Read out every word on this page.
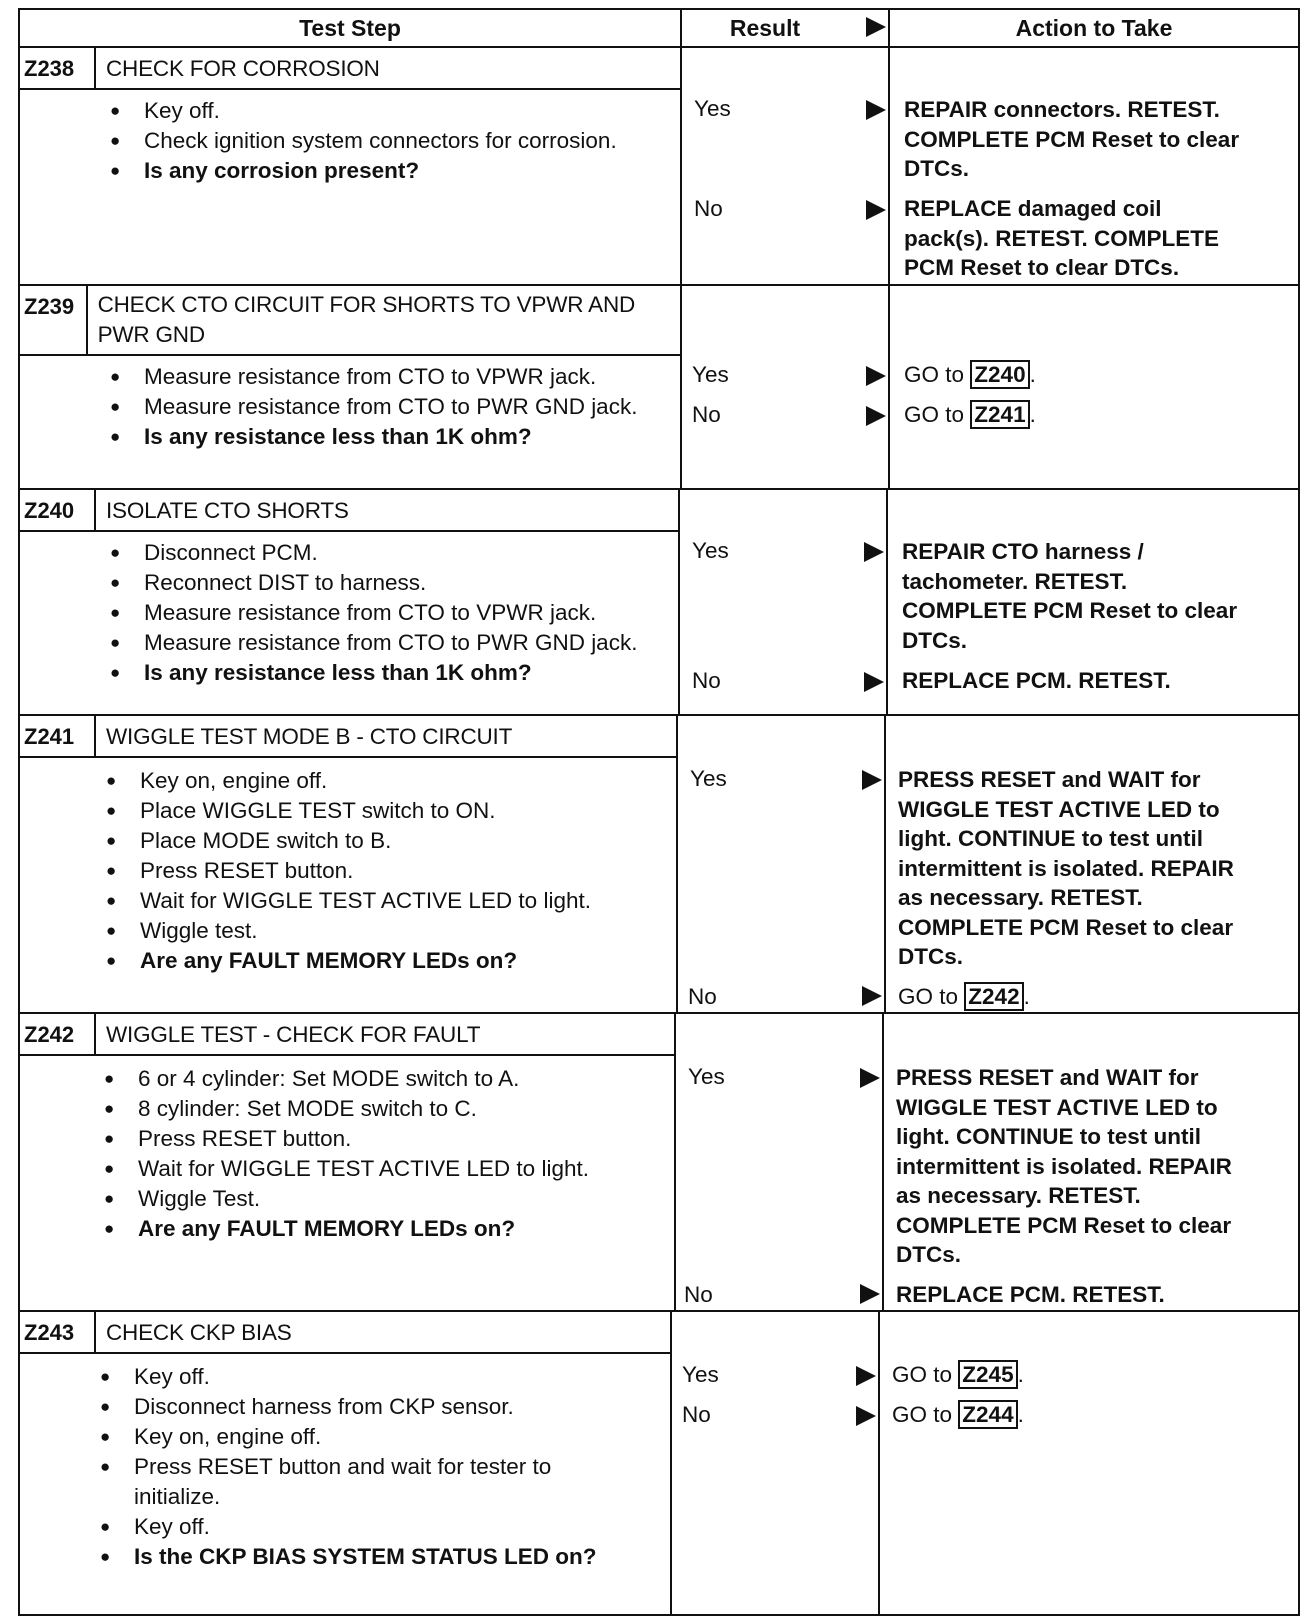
Test Step	Result	Action to Take
Z238	CHECK FOR CORROSION
● Key off.
● Check ignition system connectors for corrosion.
● Is any corrosion present?
Yes	REPAIR connectors. RETEST. COMPLETE PCM Reset to clear DTCs.
No	REPLACE damaged coil pack(s). RETEST. COMPLETE PCM Reset to clear DTCs.
Z239	CHECK CTO CIRCUIT FOR SHORTS TO VPWR AND PWR GND
● Measure resistance from CTO to VPWR jack.
● Measure resistance from CTO to PWR GND jack.
● Is any resistance less than 1K ohm?
Yes	GO to Z240 .
No	GO to Z241 .
Z240	ISOLATE CTO SHORTS
● Disconnect PCM.
● Reconnect DIST to harness.
● Measure resistance from CTO to VPWR jack.
● Measure resistance from CTO to PWR GND jack.
● Is any resistance less than 1K ohm?
Yes	REPAIR CTO harness / tachometer. RETEST. COMPLETE PCM Reset to clear DTCs.
No	REPLACE PCM. RETEST.
Z241	WIGGLE TEST MODE B - CTO CIRCUIT
● Key on, engine off.
● Place WIGGLE TEST switch to ON.
● Place MODE switch to B.
● Press RESET button.
● Wait for WIGGLE TEST ACTIVE LED to light.
● Wiggle test.
● Are any FAULT MEMORY LEDs on?
Yes	PRESS RESET and WAIT for WIGGLE TEST ACTIVE LED to light. CONTINUE to test until intermittent is isolated. REPAIR as necessary. RETEST. COMPLETE PCM Reset to clear DTCs.
No	GO to Z242 .
Z242	WIGGLE TEST - CHECK FOR FAULT
● 6 or 4 cylinder: Set MODE switch to A.
● 8 cylinder: Set MODE switch to C.
● Press RESET button.
● Wait for WIGGLE TEST ACTIVE LED to light.
● Wiggle Test.
● Are any FAULT MEMORY LEDs on?
Yes	PRESS RESET and WAIT for WIGGLE TEST ACTIVE LED to light. CONTINUE to test until intermittent is isolated. REPAIR as necessary. RETEST. COMPLETE PCM Reset to clear DTCs.
No	REPLACE PCM. RETEST.
Z243	CHECK CKP BIAS
● Key off.
● Disconnect harness from CKP sensor.
● Key on, engine off.
● Press RESET button and wait for tester to initialize.
● Key off.
● Is the CKP BIAS SYSTEM STATUS LED on?
Yes	GO to Z245 .
No	GO to Z244 .
